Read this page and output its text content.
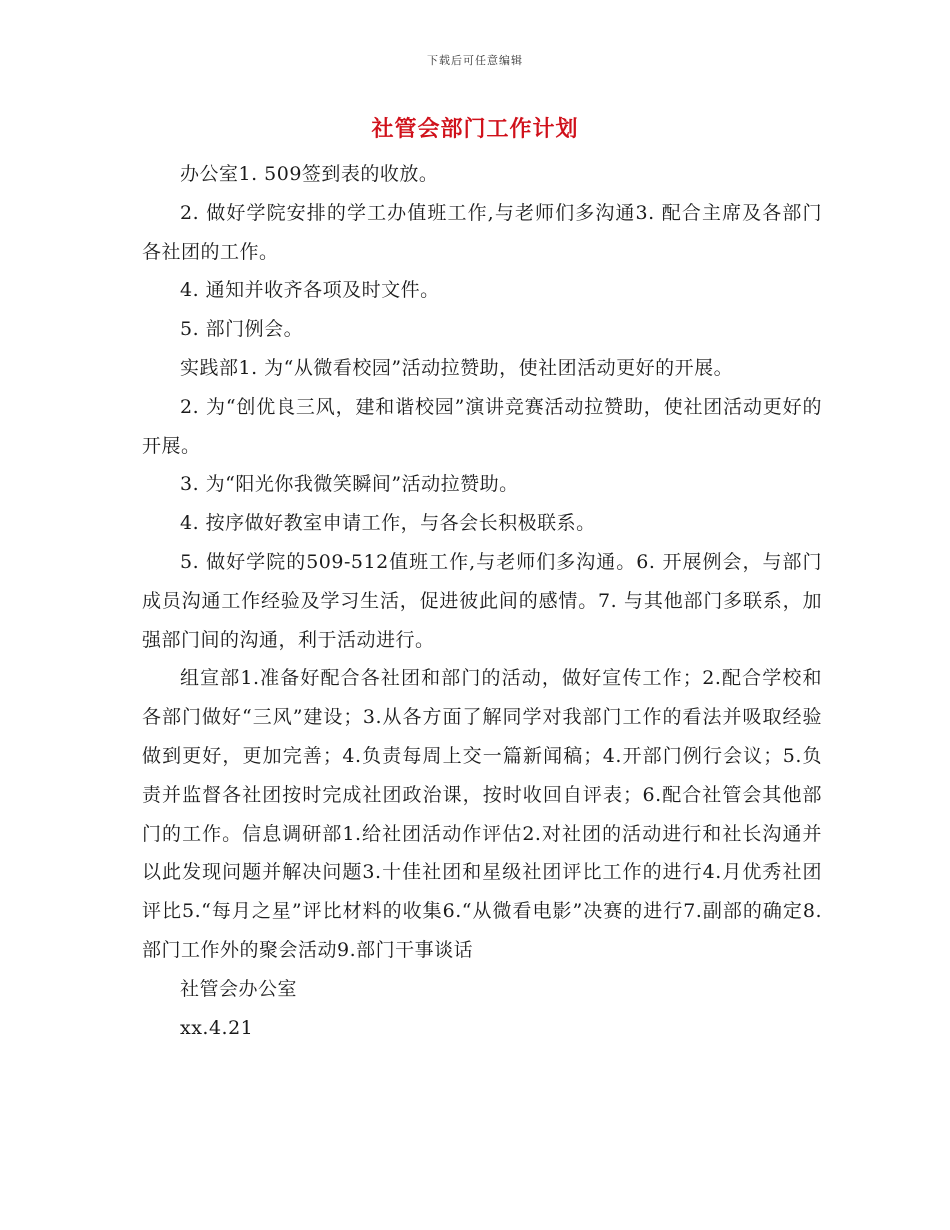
下载后可任意编辑
社管会部门工作计划

办公室1. 509签到表的收放。

2. 做好学院安排的学工办值班工作,与老师们多沟通3. 配合主席及各部门各社团的工作。

4. 通知并收齐各项及时文件。

5. 部门例会。

实践部1. 为“从微看校园”活动拉赞助，使社团活动更好的开展。

2. 为“创优良三风，建和谐校园”演讲竞赛活动拉赞助，使社团活动更好的开展。

3. 为“阳光你我微笑瞬间”活动拉赞助。

4. 按序做好教室申请工作，与各会长积极联系。

5. 做好学院的509-512值班工作,与老师们多沟通。6. 开展例会，与部门成员沟通工作经验及学习生活，促进彼此间的感情。7. 与其他部门多联系，加强部门间的沟通，利于活动进行。

组宣部1.准备好配合各社团和部门的活动，做好宣传工作；2.配合学校和各部门做好“三风”建设；3.从各方面了解同学对我部门工作的看法并吸取经验做到更好，更加完善；4.负责每周上交一篇新闻稿；4.开部门例行会议；5.负责并监督各社团按时完成社团政治课，按时收回自评表；6.配合社管会其他部门的工作。信息调研部1.给社团活动作评估2.对社团的活动进行和社长沟通并以此发现问题并解决问题3.十佳社团和星级社团评比工作的进行4.月优秀社团评比5.“每月之星”评比材料的收集6.“从微看电影”决赛的进行7.副部的确定8.部门工作外的聚会活动9.部门干事谈话

社管会办公室

xx.4.21
